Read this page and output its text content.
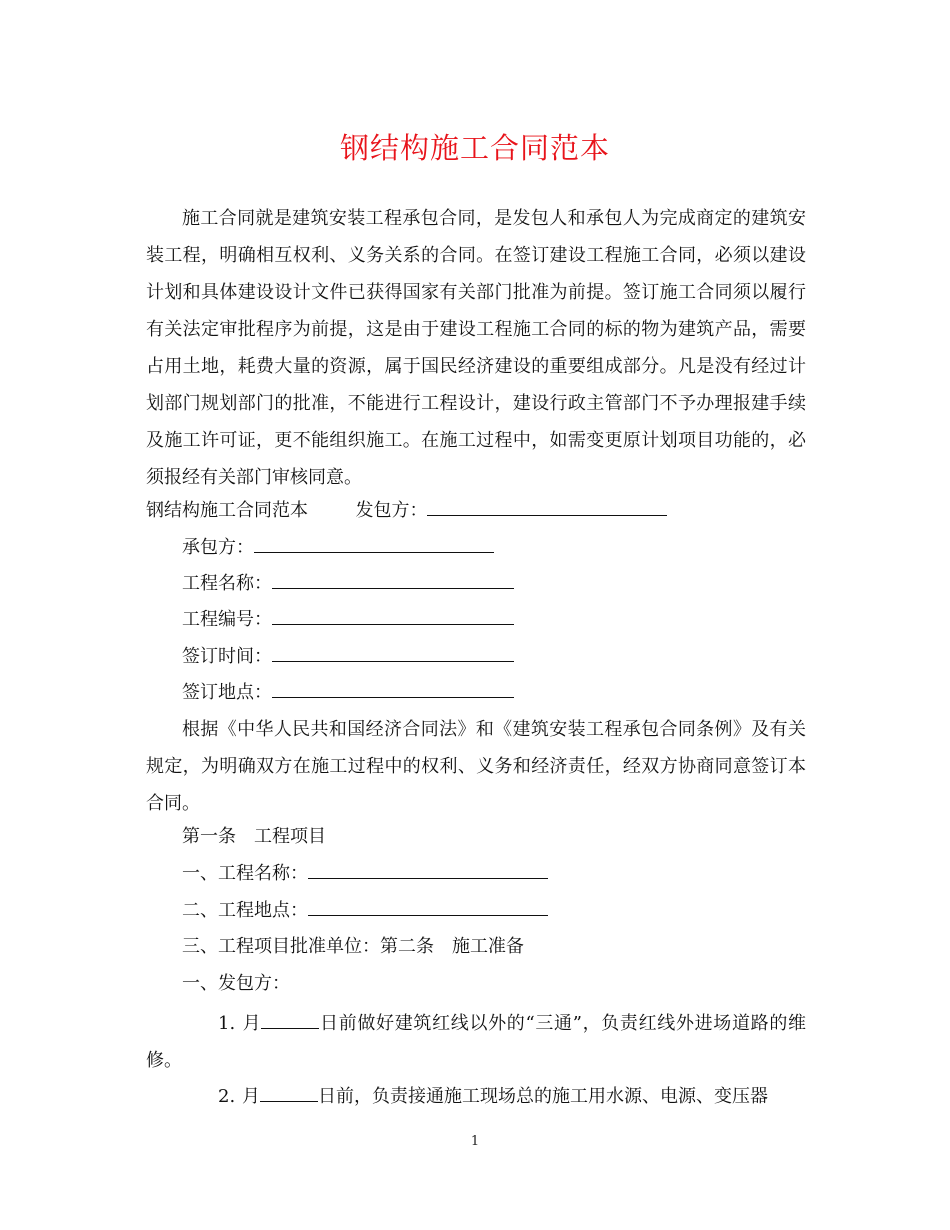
钢结构施工合同范本

施工合同就是建筑安装工程承包合同，是发包人和承包人为完成商定的建筑安装工程，明确相互权利、义务关系的合同。在签订建设工程施工合同，必须以建设计划和具体建设设计文件已获得国家有关部门批准为前提。签订施工合同须以履行有关法定审批程序为前提，这是由于建设工程施工合同的标的物为建筑产品，需要占用土地，耗费大量的资源，属于国民经济建设的重要组成部分。凡是没有经过计划部门规划部门的批准，不能进行工程设计，建设行政主管部门不予办理报建手续及施工许可证，更不能组织施工。在施工过程中，如需变更原计划项目功能的，必须报经有关部门审核同意。

钢结构施工合同范本	发包方：
承包方：
工程名称：
工程编号：
签订时间：
签订地点：

根据《中华人民共和国经济合同法》和《建筑安装工程承包合同条例》及有关规定，为明确双方在施工过程中的权利、义务和经济责任，经双方协商同意签订本合同。

第一条　工程项目
一、工程名称：
二、工程地点：
三、工程项目批准单位：第二条　施工准备
一、发包方：

1. 月	日前做好建筑红线以外的“三通”，负责红线外进场道路的维修。

2. 月	日前，负责接通施工现场总的施工用水源、电源、变压器

1
